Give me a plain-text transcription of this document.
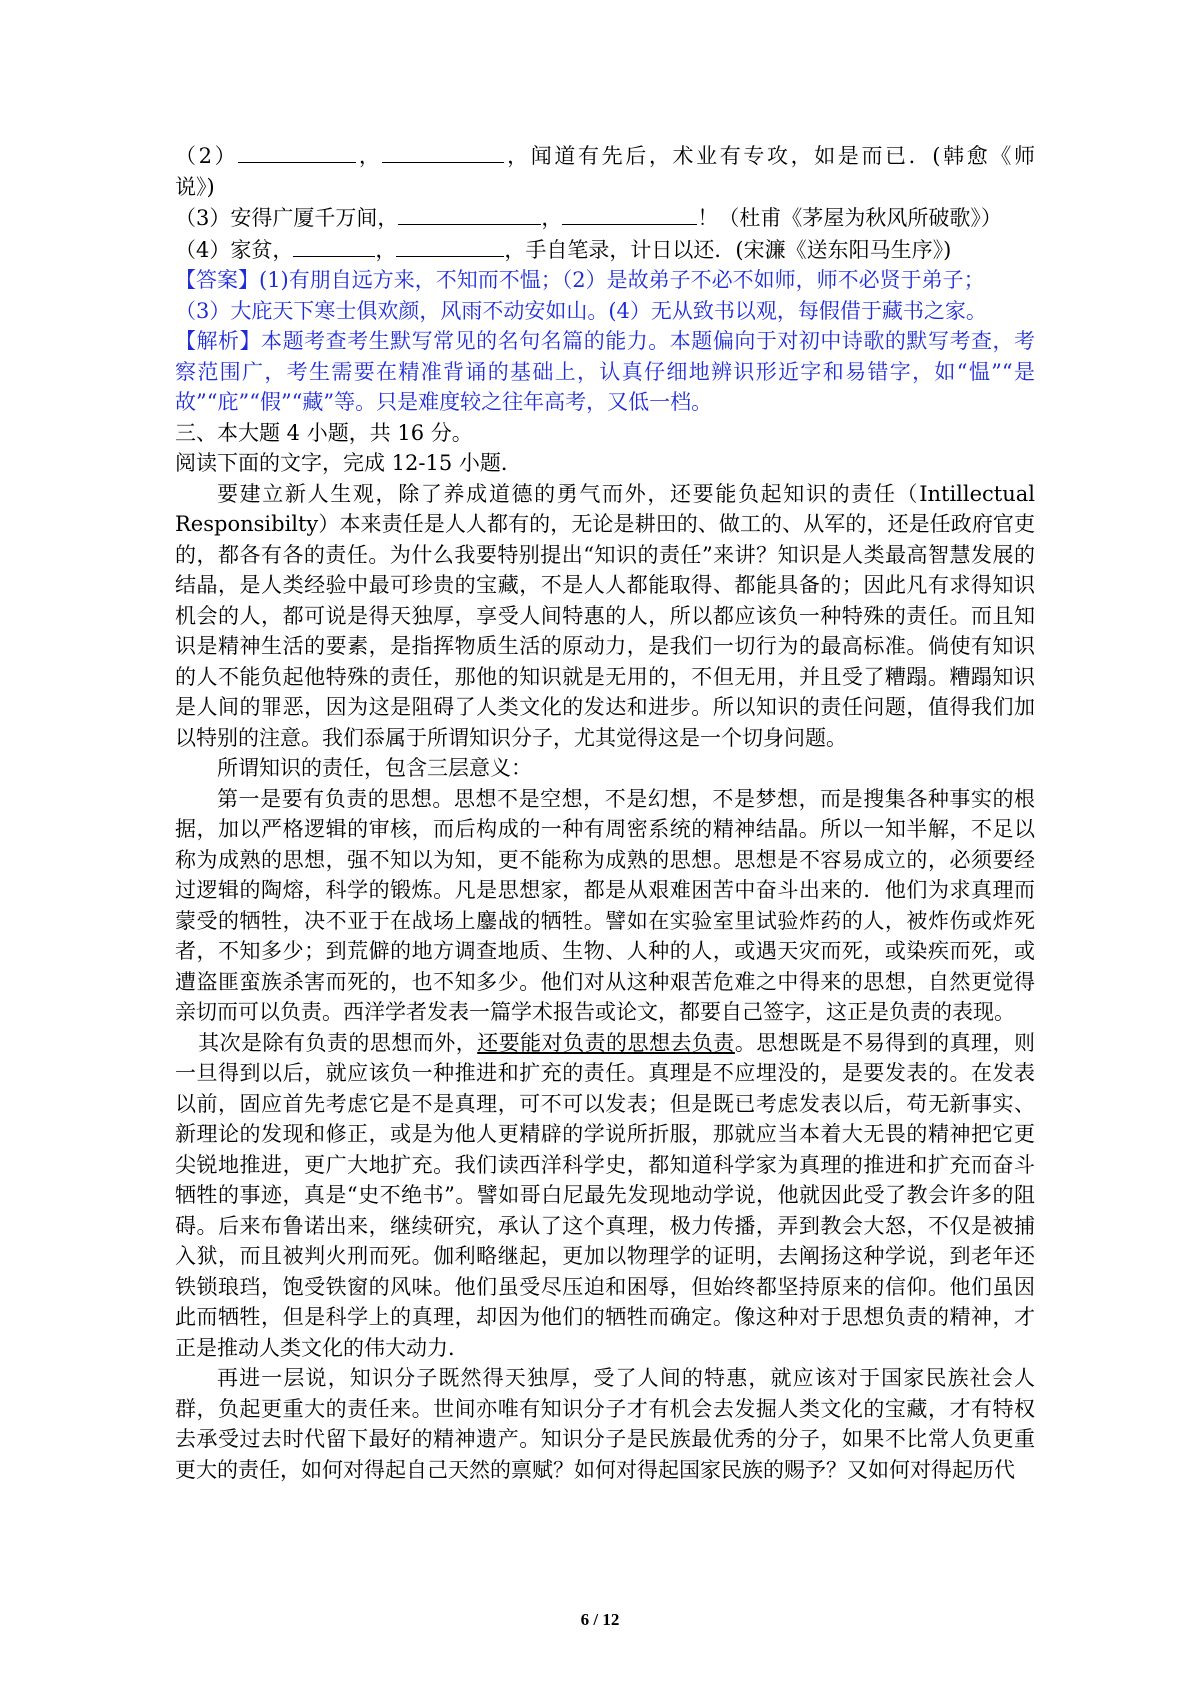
（2）	，	，闻道有先后，术业有专攻，如是而已．(韩愈《师
说》)
（3）安得广厦千万间，	，	！（杜甫《茅屋为秋风所破歌》）
（4）家贫，	，	，手自笔录，计日以还．(宋濂《送东阳马生序》)
【答案】(1)有朋自远方来，不知而不愠；（2）是故弟子不必不如师，师不必贤于弟子；
（3）大庇天下寒士俱欢颜，风雨不动安如山。(4）无从致书以观，每假借于藏书之家。

【解析】本题考查考生默写常见的名句名篇的能力。本题偏向于对初中诗歌的默写考查，考察范围广，考生需要在精准背诵的基础上，认真仔细地辨识形近字和易错字，如“愠”“是故”“庇”“假”“藏”等。只是难度较之往年高考，又低一档。

三、本大题 4 小题，共 16 分。
阅读下面的文字，完成 12-15 小题．

要建立新人生观，除了养成道德的勇气而外，还要能负起知识的责任（Intillectual Responsibilty）本来责任是人人都有的，无论是耕田的、做工的、从军的，还是任政府官吏的，都各有各的责任。为什么我要特别提出“知识的责任”来讲？知识是人类最高智慧发展的结晶，是人类经验中最可珍贵的宝藏，不是人人都能取得、都能具备的；因此凡有求得知识机会的人，都可说是得天独厚，享受人间特惠的人，所以都应该负一种特殊的责任。而且知识是精神生活的要素，是指挥物质生活的原动力，是我们一切行为的最高标准。倘使有知识的人不能负起他特殊的责任，那他的知识就是无用的，不但无用，并且受了糟蹋。糟蹋知识是人间的罪恶，因为这是阻碍了人类文化的发达和进步。所以知识的责任问题，值得我们加以特别的注意。我们忝属于所谓知识分子，尤其觉得这是一个切身问题。

所谓知识的责任，包含三层意义：

第一是要有负责的思想。思想不是空想，不是幻想，不是梦想，而是搜集各种事实的根据，加以严格逻辑的审核，而后构成的一种有周密系统的精神结晶。所以一知半解，不足以称为成熟的思想，强不知以为知，更不能称为成熟的思想。思想是不容易成立的，必须要经过逻辑的陶熔，科学的锻炼。凡是思想家，都是从艰难困苦中奋斗出来的．他们为求真理而蒙受的牺牲，决不亚于在战场上鏖战的牺牲。譬如在实验室里试验炸药的人，被炸伤或炸死者，不知多少；到荒僻的地方调查地质、生物、人种的人，或遇天灾而死，或染疾而死，或遭盗匪蛮族杀害而死的，也不知多少。他们对从这种艰苦危难之中得来的思想，自然更觉得亲切而可以负责。西洋学者发表一篇学术报告或论文，都要自己签字，这正是负责的表现。

其次是除有负责的思想而外，还要能对负责的思想去负责。思想既是不易得到的真理，则一旦得到以后，就应该负一种推进和扩充的责任。真理是不应埋没的，是要发表的。在发表以前，固应首先考虑它是不是真理，可不可以发表；但是既已考虑发表以后，苟无新事实、新理论的发现和修正，或是为他人更精辟的学说所折服，那就应当本着大无畏的精神把它更尖锐地推进，更广大地扩充。我们读西洋科学史，都知道科学家为真理的推进和扩充而奋斗牺牲的事迹，真是“史不绝书”。譬如哥白尼最先发现地动学说，他就因此受了教会许多的阻碍。后来布鲁诺出来，继续研究，承认了这个真理，极力传播，弄到教会大怒，不仅是被捕入狱，而且被判火刑而死。伽利略继起，更加以物理学的证明，去阐扬这种学说，到老年还铁锁琅珰，饱受铁窗的风味。他们虽受尽压迫和困辱，但始终都坚持原来的信仰。他们虽因此而牺牲，但是科学上的真理，却因为他们的牺牲而确定。像这种对于思想负责的精神，才正是推动人类文化的伟大动力．

再进一层说，知识分子既然得天独厚，受了人间的特惠，就应该对于国家民族社会人群，负起更重大的责任来。世间亦唯有知识分子才有机会去发掘人类文化的宝藏，才有特权去承受过去时代留下最好的精神遗产。知识分子是民族最优秀的分子，如果不比常人负更重更大的责任，如何对得起自己天然的禀赋？如何对得起国家民族的赐予？又如何对得起历代

6 / 12
